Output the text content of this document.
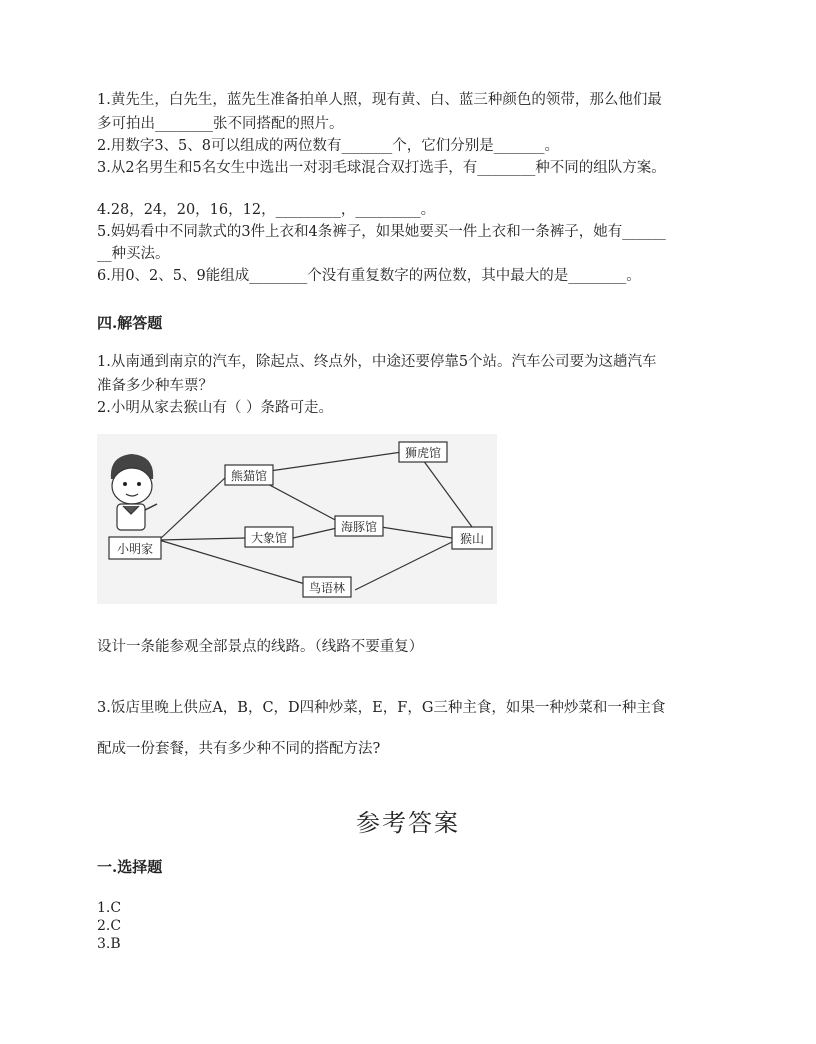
1.黄先生，白先生，蓝先生准备拍单人照，现有黄、白、蓝三种颜色的领带，那么他们最
多可拍出________张不同搭配的照片。
2.用数字3、5、8可以组成的两位数有_______个，它们分别是_______。
3.从2名男生和5名女生中选出一对羽毛球混合双打选手，有________种不同的组队方案。
4.28，24，20，16，12，_________，_________。
5.妈妈看中不同款式的3件上衣和4条裤子，如果她要买一件上衣和一条裤子，她有______
__种买法。
6.用0、2、5、9能组成________个没有重复数字的两位数，其中最大的是________。
四.解答题
1.从南通到南京的汽车，除起点、终点外，中途还要停靠5个站。汽车公司要为这趟汽车
准备多少种车票？
2.小明从家去猴山有（ ）条路可走。
小明家
熊猫馆
大象馆
海豚馆
狮虎馆
猴山
鸟语林
设计一条能参观全部景点的线路。（线路不要重复）
3.饭店里晚上供应A，B，C，D四种炒菜，E，F，G三种主食，如果一种炒菜和一种主食
配成一份套餐，共有多少种不同的搭配方法?
参考答案
一.选择题
1.C
2.C
3.B
